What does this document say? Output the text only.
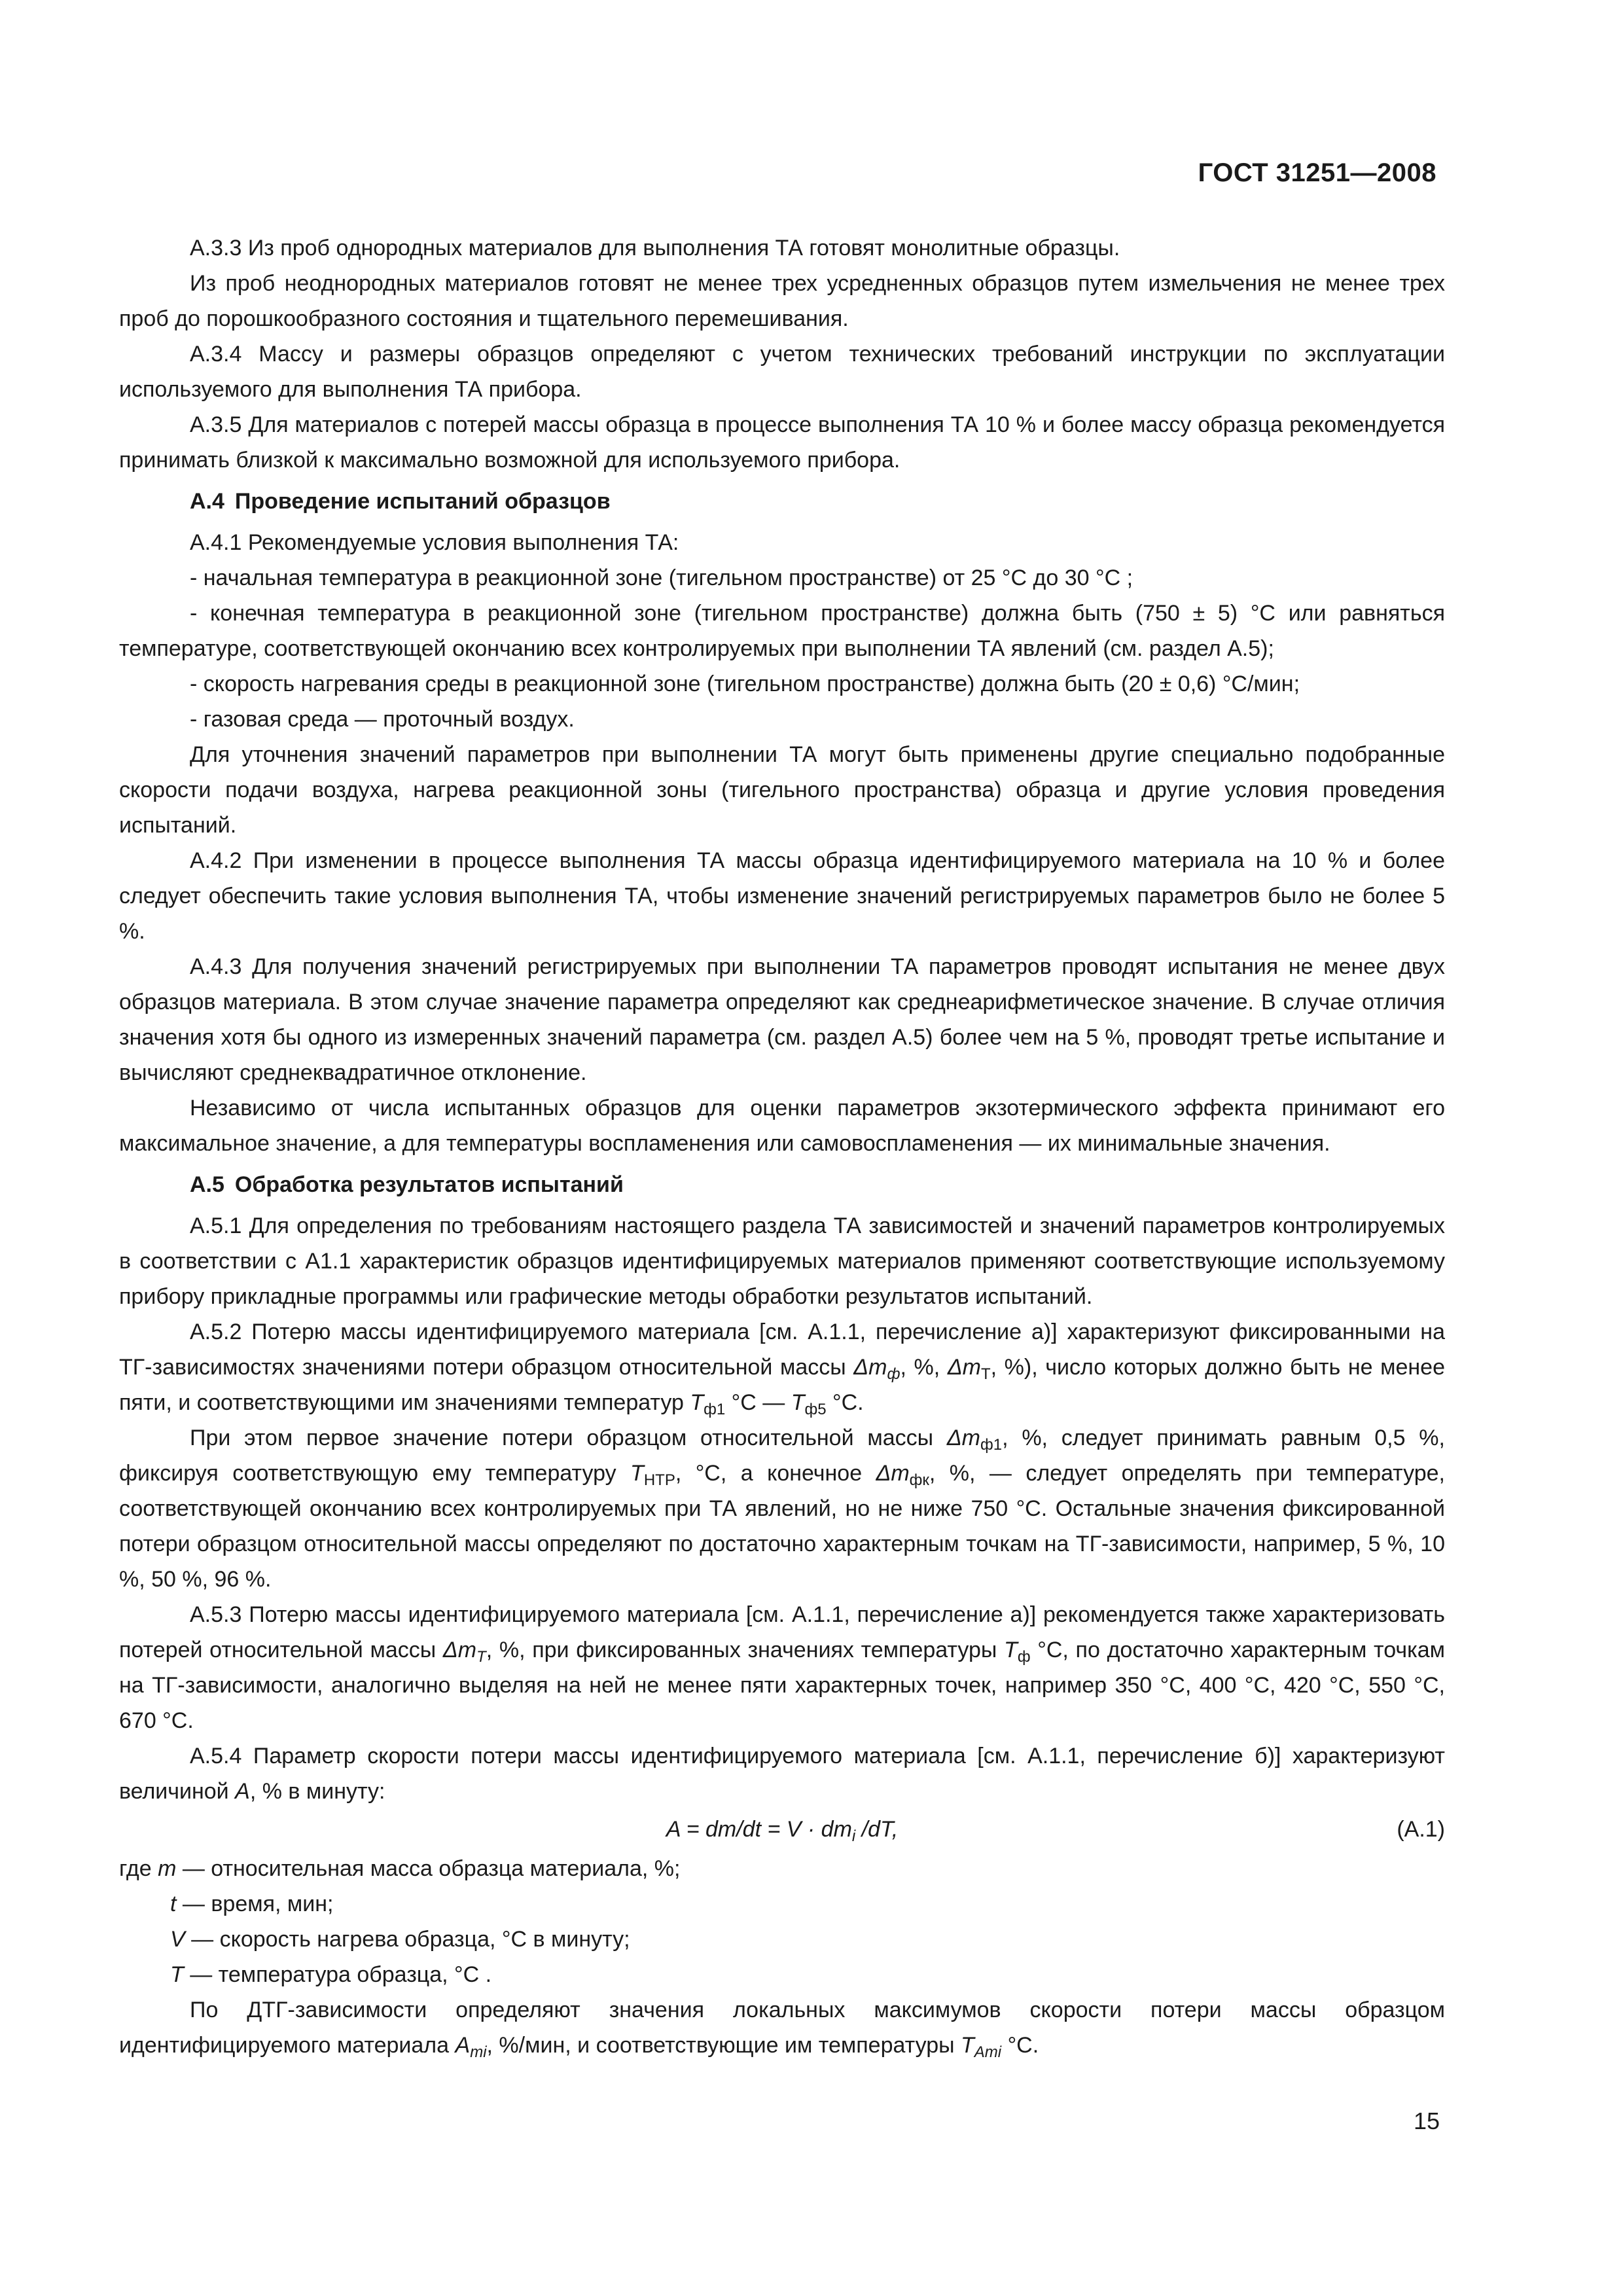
ГОСТ 31251—2008

А.3.3 Из проб однородных материалов для выполнения ТА готовят монолитные образцы.

Из проб неоднородных материалов готовят не менее трех усредненных образцов путем измельчения не менее трех проб до порошкообразного состояния и тщательного перемешивания.

А.3.4 Массу и размеры образцов определяют с учетом технических требований инструкции по эксплуатации используемого для выполнения ТА прибора.

А.3.5 Для материалов с потерей массы образца в процессе выполнения ТА 10 % и более массу образца рекомендуется принимать близкой к максимально возможной для используемого прибора.

А.4 Проведение испытаний образцов

А.4.1 Рекомендуемые условия выполнения ТА:

- начальная температура в реакционной зоне (тигельном пространстве) от 25 °С до 30 °С ;

- конечная температура в реакционной зоне (тигельном пространстве) должна быть (750 ± 5) °С или равняться температуре, соответствующей окончанию всех контролируемых при выполнении ТА явлений (см. раздел А.5);

- скорость нагревания среды в реакционной зоне (тигельном пространстве) должна быть (20 ± 0,6) °С/мин;

- газовая среда — проточный воздух.

Для уточнения значений параметров при выполнении ТА могут быть применены другие специально подобранные скорости подачи воздуха, нагрева реакционной зоны (тигельного пространства) образца и другие условия проведения испытаний.

А.4.2 При изменении в процессе выполнения ТА массы образца идентифицируемого материала на 10 % и более следует обеспечить такие условия выполнения ТА, чтобы изменение значений регистрируемых параметров было не более 5 %.

А.4.3 Для получения значений регистрируемых при выполнении ТА параметров проводят испытания не менее двух образцов материала. В этом случае значение параметра определяют как среднеарифметическое значение. В случае отличия значения хотя бы одного из измеренных значений параметра (см. раздел А.5) более чем на 5 %, проводят третье испытание и вычисляют среднеквадратичное отклонение.

Независимо от числа испытанных образцов для оценки параметров экзотермического эффекта принимают его максимальное значение, а для температуры воспламенения или самовоспламенения — их минимальные значения.

А.5 Обработка результатов испытаний

А.5.1 Для определения по требованиям настоящего раздела ТА зависимостей и значений параметров контролируемых в соответствии с А1.1 характеристик образцов идентифицируемых материалов применяют соответствующие используемому прибору прикладные программы или графические методы обработки результатов испытаний.

А.5.2 Потерю массы идентифицируемого материала [см. А.1.1, перечисление а)] характеризуют фиксированными на ТГ-зависимостях значениями потери образцом относительной массы $\Delta m_ф$, %, $\Delta m_Т$, %), число которых должно быть не менее пяти, и соответствующими им значениями температур $T_{ф1}$ °С — $T_{ф5}$ °С.

При этом первое значение потери образцом относительной массы $\Delta m_{ф1}$, %, следует принимать равным 0,5 %, фиксируя соответствующую ему температуру $T_{НТР}$, °С, а конечное $\Delta m_{фк}$, %, — следует определять при температуре, соответствующей окончанию всех контролируемых при ТА явлений, но не ниже 750 °С. Остальные значения фиксированной потери образцом относительной массы определяют по достаточно характерным точкам на ТГ-зависимости, например, 5 %, 10 %, 50 %, 96 %.

А.5.3 Потерю массы идентифицируемого материала [см. А.1.1, перечисление а)] рекомендуется также характеризовать потерей относительной массы $\Delta m_T$, %, при фиксированных значениях температуры $T_ф$ °С, по достаточно характерным точкам на ТГ-зависимости, аналогично выделяя на ней не менее пяти характерных точек, например 350 °С, 400 °С, 420 °С, 550 °С, 670 °С.

А.5.4 Параметр скорости потери массы идентифицируемого материала [см. А.1.1, перечисление б)] характеризуют величиной A, % в минуту:

$A = dm/dt = V \cdot dm_i$ /dT,	(А.1)

где m — относительная масса образца материала, %;

t — время, мин;

V — скорость нагрева образца, °С в минуту;

T — температура образца, °С .

По ДТГ-зависимости определяют значения локальных максимумов скорости потери массы образцом идентифицируемого материала $A_{mi}$, %/мин, и соответствующие им температуры $T_{Ami}$ °С.

15
